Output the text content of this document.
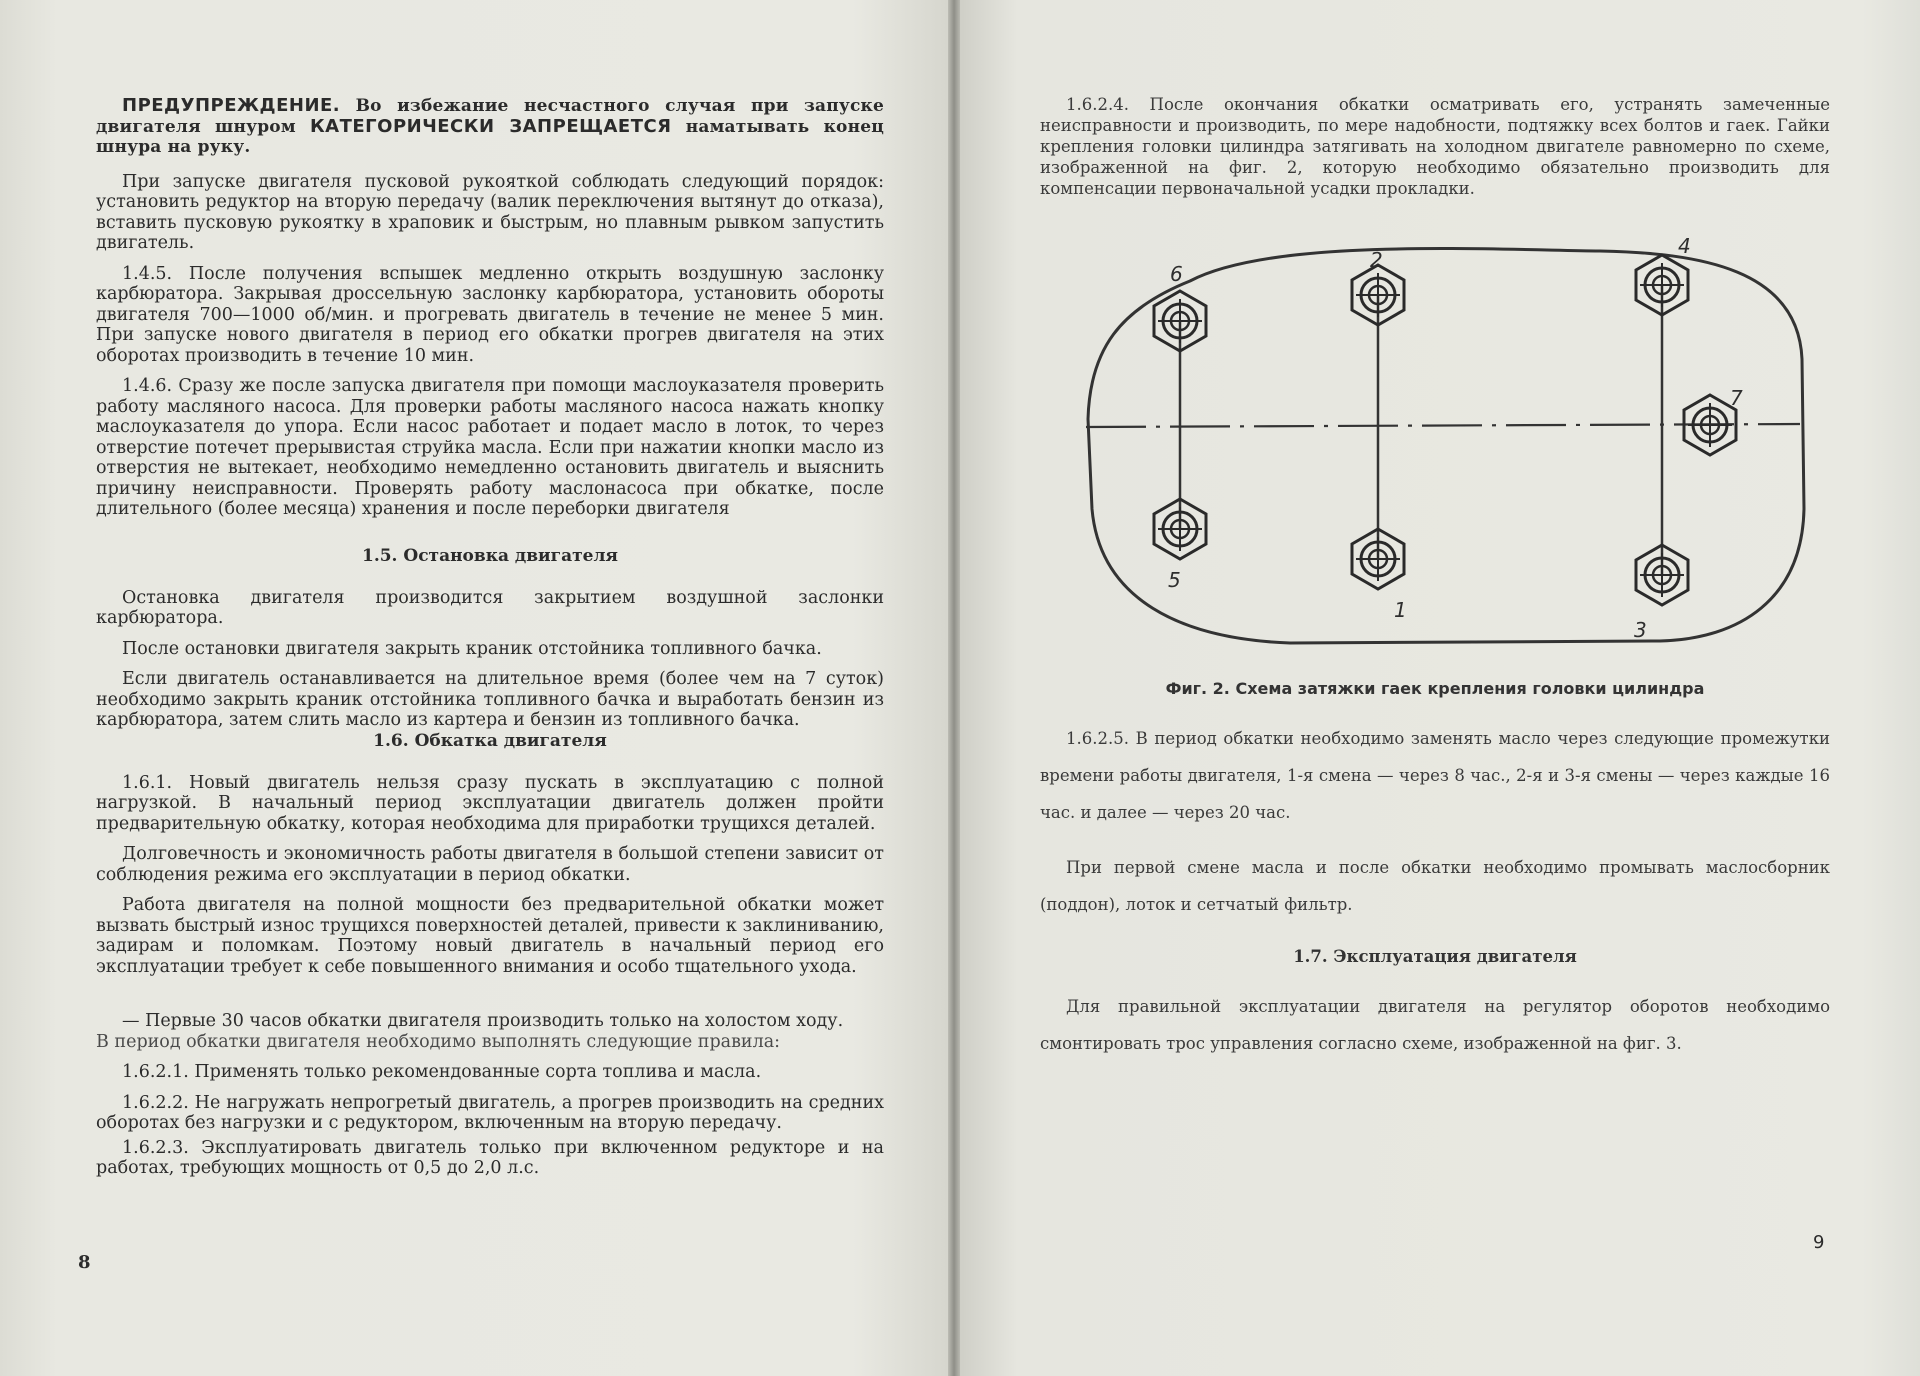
ПРЕДУПРЕЖДЕНИЕ. Во избежание несчастного случая при запуске двигателя шнуром КАТЕГОРИЧЕСКИ ЗАПРЕЩАЕТСЯ наматывать конец шнура на руку.

При запуске двигателя пусковой рукояткой соблюдать следующий порядок: установить редуктор на вторую передачу (валик переключения вытянут до отказа), вставить пусковую рукоятку в храповик и быстрым, но плавным рывком запустить двигатель.

1.4.5. После получения вспышек медленно открыть воздушную заслонку карбюратора. Закрывая дроссельную заслонку карбюратора, установить обороты двигателя 700—1000 об/мин. и прогревать двигатель в течение не менее 5 мин. При запуске нового двигателя в период его обкатки прогрев двигателя на этих оборотах производить в течение 10 мин.

1.4.6. Сразу же после запуска двигателя при помощи маслоуказателя проверить работу масляного насоса. Для проверки работы масляного насоса нажать кнопку маслоуказателя до упора. Если насос работает и подает масло в лоток, то через отверстие потечет прерывистая струйка масла. Если при нажатии кнопки масло из отверстия не вытекает, необходимо немедленно остановить двигатель и выяснить причину неисправности. Проверять работу маслонасоса при обкатке, после длительного (более месяца) хранения и после переборки двигателя

1.5. Остановка двигателя

Остановка двигателя производится закрытием воздушной заслонки карбюратора.

После остановки двигателя закрыть краник отстойника топливного бачка.

Если двигатель останавливается на длительное время (более чем на 7 суток) необходимо закрыть краник отстойника топливного бачка и выработать бензин из карбюратора, затем слить масло из картера и бензин из топливного бачка.

1.6. Обкатка двигателя

1.6.1. Новый двигатель нельзя сразу пускать в эксплуатацию с полной нагрузкой. В начальный период эксплуатации двигатель должен пройти предварительную обкатку, которая необходима для приработки трущихся деталей.

Долговечность и экономичность работы двигателя в большой степени зависит от соблюдения режима его эксплуатации в период обкатки.

Работа двигателя на полной мощности без предварительной обкатки может вызвать быстрый износ трущихся поверхностей деталей, привести к заклиниванию, задирам и поломкам. Поэтому новый двигатель в начальный период его эксплуатации требует к себе повышенного внимания и особо тщательного ухода.

— Первые 30 часов обкатки двигателя производить только на холостом ходу.

В период обкатки двигателя необходимо выполнять следующие правила:

1.6.2.1. Применять только рекомендованные сорта топлива и масла.

1.6.2.2. Не нагружать непрогретый двигатель, а прогрев производить на средних оборотах без нагрузки и с редуктором, включенным на вторую передачу.

1.6.2.3. Эксплуатировать двигатель только при включенном редукторе и на работах, требующих мощность от 0,5 до 2,0 л.с.

8

1.6.2.4. После окончания обкатки осматривать его, устранять замеченные неисправности и производить, по мере надобности, подтяжку всех болтов и гаек. Гайки крепления головки цилиндра затягивать на холодном двигателе равномерно по схеме, изображенной на фиг. 2, которую необходимо обязательно производить для компенсации первоначальной усадки прокладки.

1
2
3
4
5
6
7
Фиг. 2. Схема затяжки гаек крепления головки цилиндра

1.6.2.5. В период обкатки необходимо заменять масло через следующие промежутки времени работы двигателя, 1-я смена — через 8 час., 2-я и 3-я смены — через каждые 16 час. и далее — через 20 час.

При первой смене масла и после обкатки необходимо промывать маслосборник (поддон), лоток и сетчатый фильтр.

1.7. Эксплуатация двигателя

Для правильной эксплуатации двигателя на регулятор оборотов необходимо смонтировать трос управления согласно схеме, изображенной на фиг. 3.

9
